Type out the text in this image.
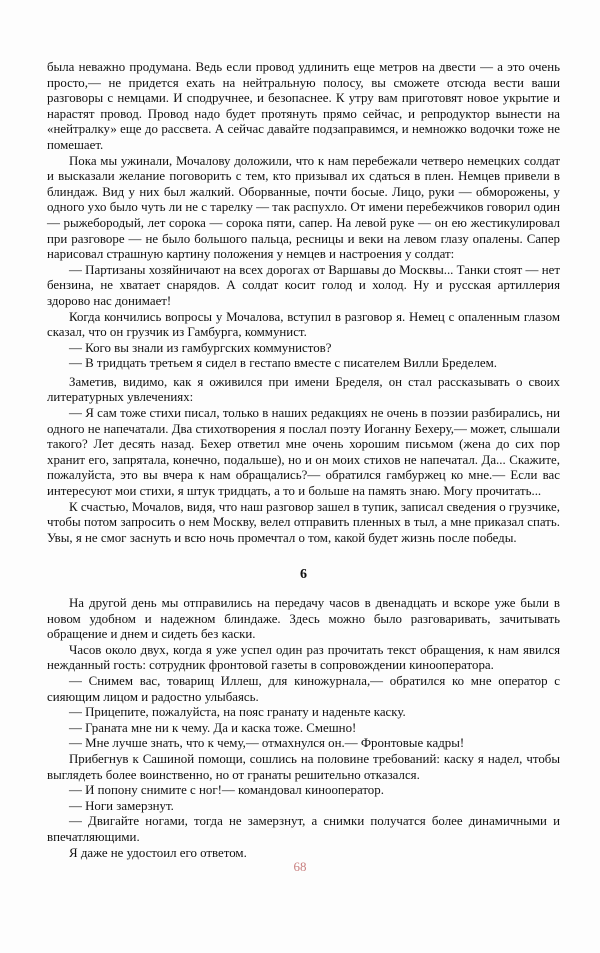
была неважно продумана. Ведь если провод удлинить еще метров на двести — а это очень просто,— не придется ехать на нейтральную полосу, вы сможете отсюда вести ваши разговоры с немцами. И сподручнее, и безопаснее. К утру вам приготовят новое укрытие и нарастят провод. Провод надо будет протянуть прямо сейчас, и репродуктор вынести на «нейтралку» еще до рассвета. А сейчас давайте подзаправимся, и немножко водочки тоже не помешает.

Пока мы ужинали, Мочалову доложили, что к нам перебежали четверо немецких солдат и высказали желание поговорить с тем, кто призывал их сдаться в плен. Немцев привели в блиндаж. Вид у них был жалкий. Оборванные, почти босые. Лицо, руки — обморожены, у одного ухо было чуть ли не с тарелку — так распухло. От имени перебежчиков говорил один — рыжебородый, лет сорока — сорока пяти, сапер. На левой руке — он ею жестикулировал при разговоре — не было большого пальца, ресницы и веки на левом глазу опалены. Сапер нарисовал страшную картину положения у немцев и настроения у солдат:

— Партизаны хозяйничают на всех дорогах от Варшавы до Москвы... Танки стоят — нет бензина, не хватает снарядов. А солдат косит голод и холод. Ну и русская артиллерия здорово нас донимает!

Когда кончились вопросы у Мочалова, вступил в разговор я. Немец с опаленным глазом сказал, что он грузчик из Гамбурга, коммунист.

— Кого вы знали из гамбургских коммунистов?

— В тридцать третьем я сидел в гестапо вместе с писателем Вилли Бределем.

Заметив, видимо, как я оживился при имени Бределя, он стал рассказывать о своих литературных увлечениях:

— Я сам тоже стихи писал, только в наших редакциях не очень в поэзии разбирались, ни одного не напечатали. Два стихотворения я послал поэту Иоганну Бехеру,— может, слышали такого? Лет десять назад. Бехер ответил мне очень хорошим письмом (жена до сих пор хранит его, запрятала, конечно, подальше), но и он моих стихов не напечатал. Да... Скажите, пожалуйста, это вы вчера к нам обращались?— обратился гамбуржец ко мне.— Если вас интересуют мои стихи, я штук тридцать, а то и больше на память знаю. Могу прочитать...

К счастью, Мочалов, видя, что наш разговор зашел в тупик, записал сведения о грузчике, чтобы потом запросить о нем Москву, велел отправить пленных в тыл, а мне приказал спать. Увы, я не смог заснуть и всю ночь промечтал о том, какой будет жизнь после победы.

6

На другой день мы отправились на передачу часов в двенадцать и вскоре уже были в новом удобном и надежном блиндаже. Здесь можно было разговаривать, зачитывать обращение и днем и сидеть без каски.

Часов около двух, когда я уже успел один раз прочитать текст обращения, к нам явился нежданный гость: сотрудник фронтовой газеты в сопровождении кинооператора.

— Снимем вас, товарищ Иллеш, для киножурнала,— обратился ко мне оператор с сияющим лицом и радостно улыбаясь.

— Прицепите, пожалуйста, на пояс гранату и наденьте каску.

— Граната мне ни к чему. Да и каска тоже. Смешно!

— Мне лучше знать, что к чему,— отмахнулся он.— Фронтовые кадры!

Прибегнув к Сашиной помощи, сошлись на половине требований: каску я надел, чтобы выглядеть более воинственно, но от гранаты решительно отказался.

— И попону снимите с ног!— командовал кинооператор.

— Ноги замерзнут.

— Двигайте ногами, тогда не замерзнут, а снимки получатся более динамичными и впечатляющими.

Я даже не удостоил его ответом.

68
